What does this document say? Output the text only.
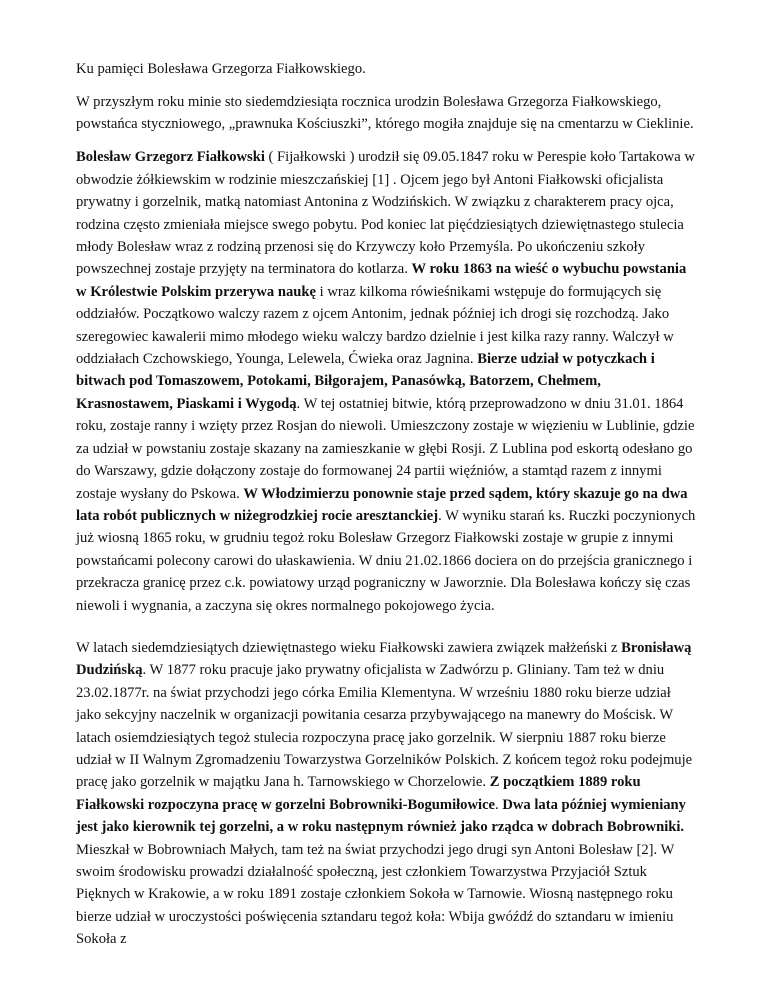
Ku pamięci Bolesława Grzegorza Fiałkowskiego.

W przyszłym roku minie sto siedemdziesiąta rocznica urodzin Bolesława Grzegorza Fiałkowskiego, powstańca styczniowego, „prawnuka Kościuszki”, którego mogiła znajduje się na cmentarzu w Cieklinie.

Bolesław Grzegorz Fiałkowski ( Fijałkowski ) urodził się 09.05.1847 roku w Perespie koło Tartakowa w obwodzie żółkiewskim w rodzinie mieszczańskiej [1] . Ojcem jego był Antoni Fiałkowski oficjalista prywatny i gorzelnik, matką natomiast Antonina z Wodzińskich. W związku z charakterem pracy ojca, rodzina często zmieniała miejsce swego pobytu. Pod koniec lat pięćdziesiątych dziewiętnastego stulecia młody Bolesław wraz z rodziną przenosi się do Krzywczy koło Przemyśla. Po ukończeniu szkoły powszechnej zostaje przyjęty na terminatora do kotlarza. W roku 1863 na wieść o wybuchu powstania w Królestwie Polskim przerywa naukę i wraz kilkoma rówieśnikami wstępuje do formujących się oddziałów. Początkowo walczy razem z ojcem Antonim, jednak później ich drogi się rozchodzą. Jako szeregowiec kawalerii mimo młodego wieku walczy bardzo dzielnie i jest kilka razy ranny. Walczył w oddziałach Czchowskiego, Younga, Lelewela, Ćwieka oraz Jagnina. Bierze udział w potyczkach i bitwach pod Tomaszowem, Potokami, Biłgorajem, Panasówką, Batorzem, Chełmem, Krasnostawem, Piaskami i Wygodą. W tej ostatniej bitwie, którą przeprowadzono w dniu 31.01. 1864 roku, zostaje ranny i wzięty przez Rosjan do niewoli. Umieszczony zostaje w więzieniu w Lublinie, gdzie za udział w powstaniu zostaje skazany na zamieszkanie w głębi Rosji. Z Lublina pod eskortą odesłano go do Warszawy, gdzie dołączony zostaje do formowanej 24 partii więźniów, a stamtąd razem z innymi zostaje wysłany do Pskowa. W Włodzimierzu ponownie staje przed sądem, który skazuje go na dwa lata robót publicznych w niżegrodzkiej rocie aresztanckiej. W wyniku starań ks. Ruczki poczynionych już wiosną 1865 roku, w grudniu tegoż roku Bolesław Grzegorz Fiałkowski zostaje w grupie z innymi powstańcami polecony carowi do ułaskawienia. W dniu 21.02.1866 dociera on do przejścia granicznego i przekracza granicę przez c.k. powiatowy urząd pograniczny w Jaworznie. Dla Bolesława kończy się czas niewoli i wygnania, a zaczyna się okres normalnego pokojowego życia.

W latach siedemdziesiątych dziewiętnastego wieku Fiałkowski zawiera związek małżeński z Bronisławą Dudzińską. W 1877 roku pracuje jako prywatny oficjalista w Zadwórzu p. Gliniany. Tam też w dniu 23.02.1877r. na świat przychodzi jego córka Emilia Klementyna. W wrześniu 1880 roku bierze udział jako sekcyjny naczelnik w organizacji powitania cesarza przybywającego na manewry do Mościsk. W latach osiemdziesiątych tegoż stulecia rozpoczyna pracę jako gorzelnik. W sierpniu 1887 roku bierze udział w II Walnym Zgromadzeniu Towarzystwa Gorzelników Polskich. Z końcem tegoż roku podejmuje pracę jako gorzelnik w majątku Jana h. Tarnowskiego w Chorzelowie. Z początkiem 1889 roku Fiałkowski rozpoczyna pracę w gorzelni Bobrowniki-Bogumiłowice. Dwa lata później wymieniany jest jako kierownik tej gorzelni, a w roku następnym również jako rządca w dobrach Bobrowniki. Mieszkał w Bobrowniach Małych, tam też na świat przychodzi jego drugi syn Antoni Bolesław [2]. W swoim środowisku prowadzi działalność społeczną, jest członkiem Towarzystwa Przyjaciół Sztuk Pięknych w Krakowie, a w roku 1891 zostaje członkiem Sokoła w Tarnowie. Wiosną następnego roku bierze udział w uroczystości poświęcenia sztandaru tegoż koła: Wbija gwóźdź do sztandaru w imieniu Sokoła z
